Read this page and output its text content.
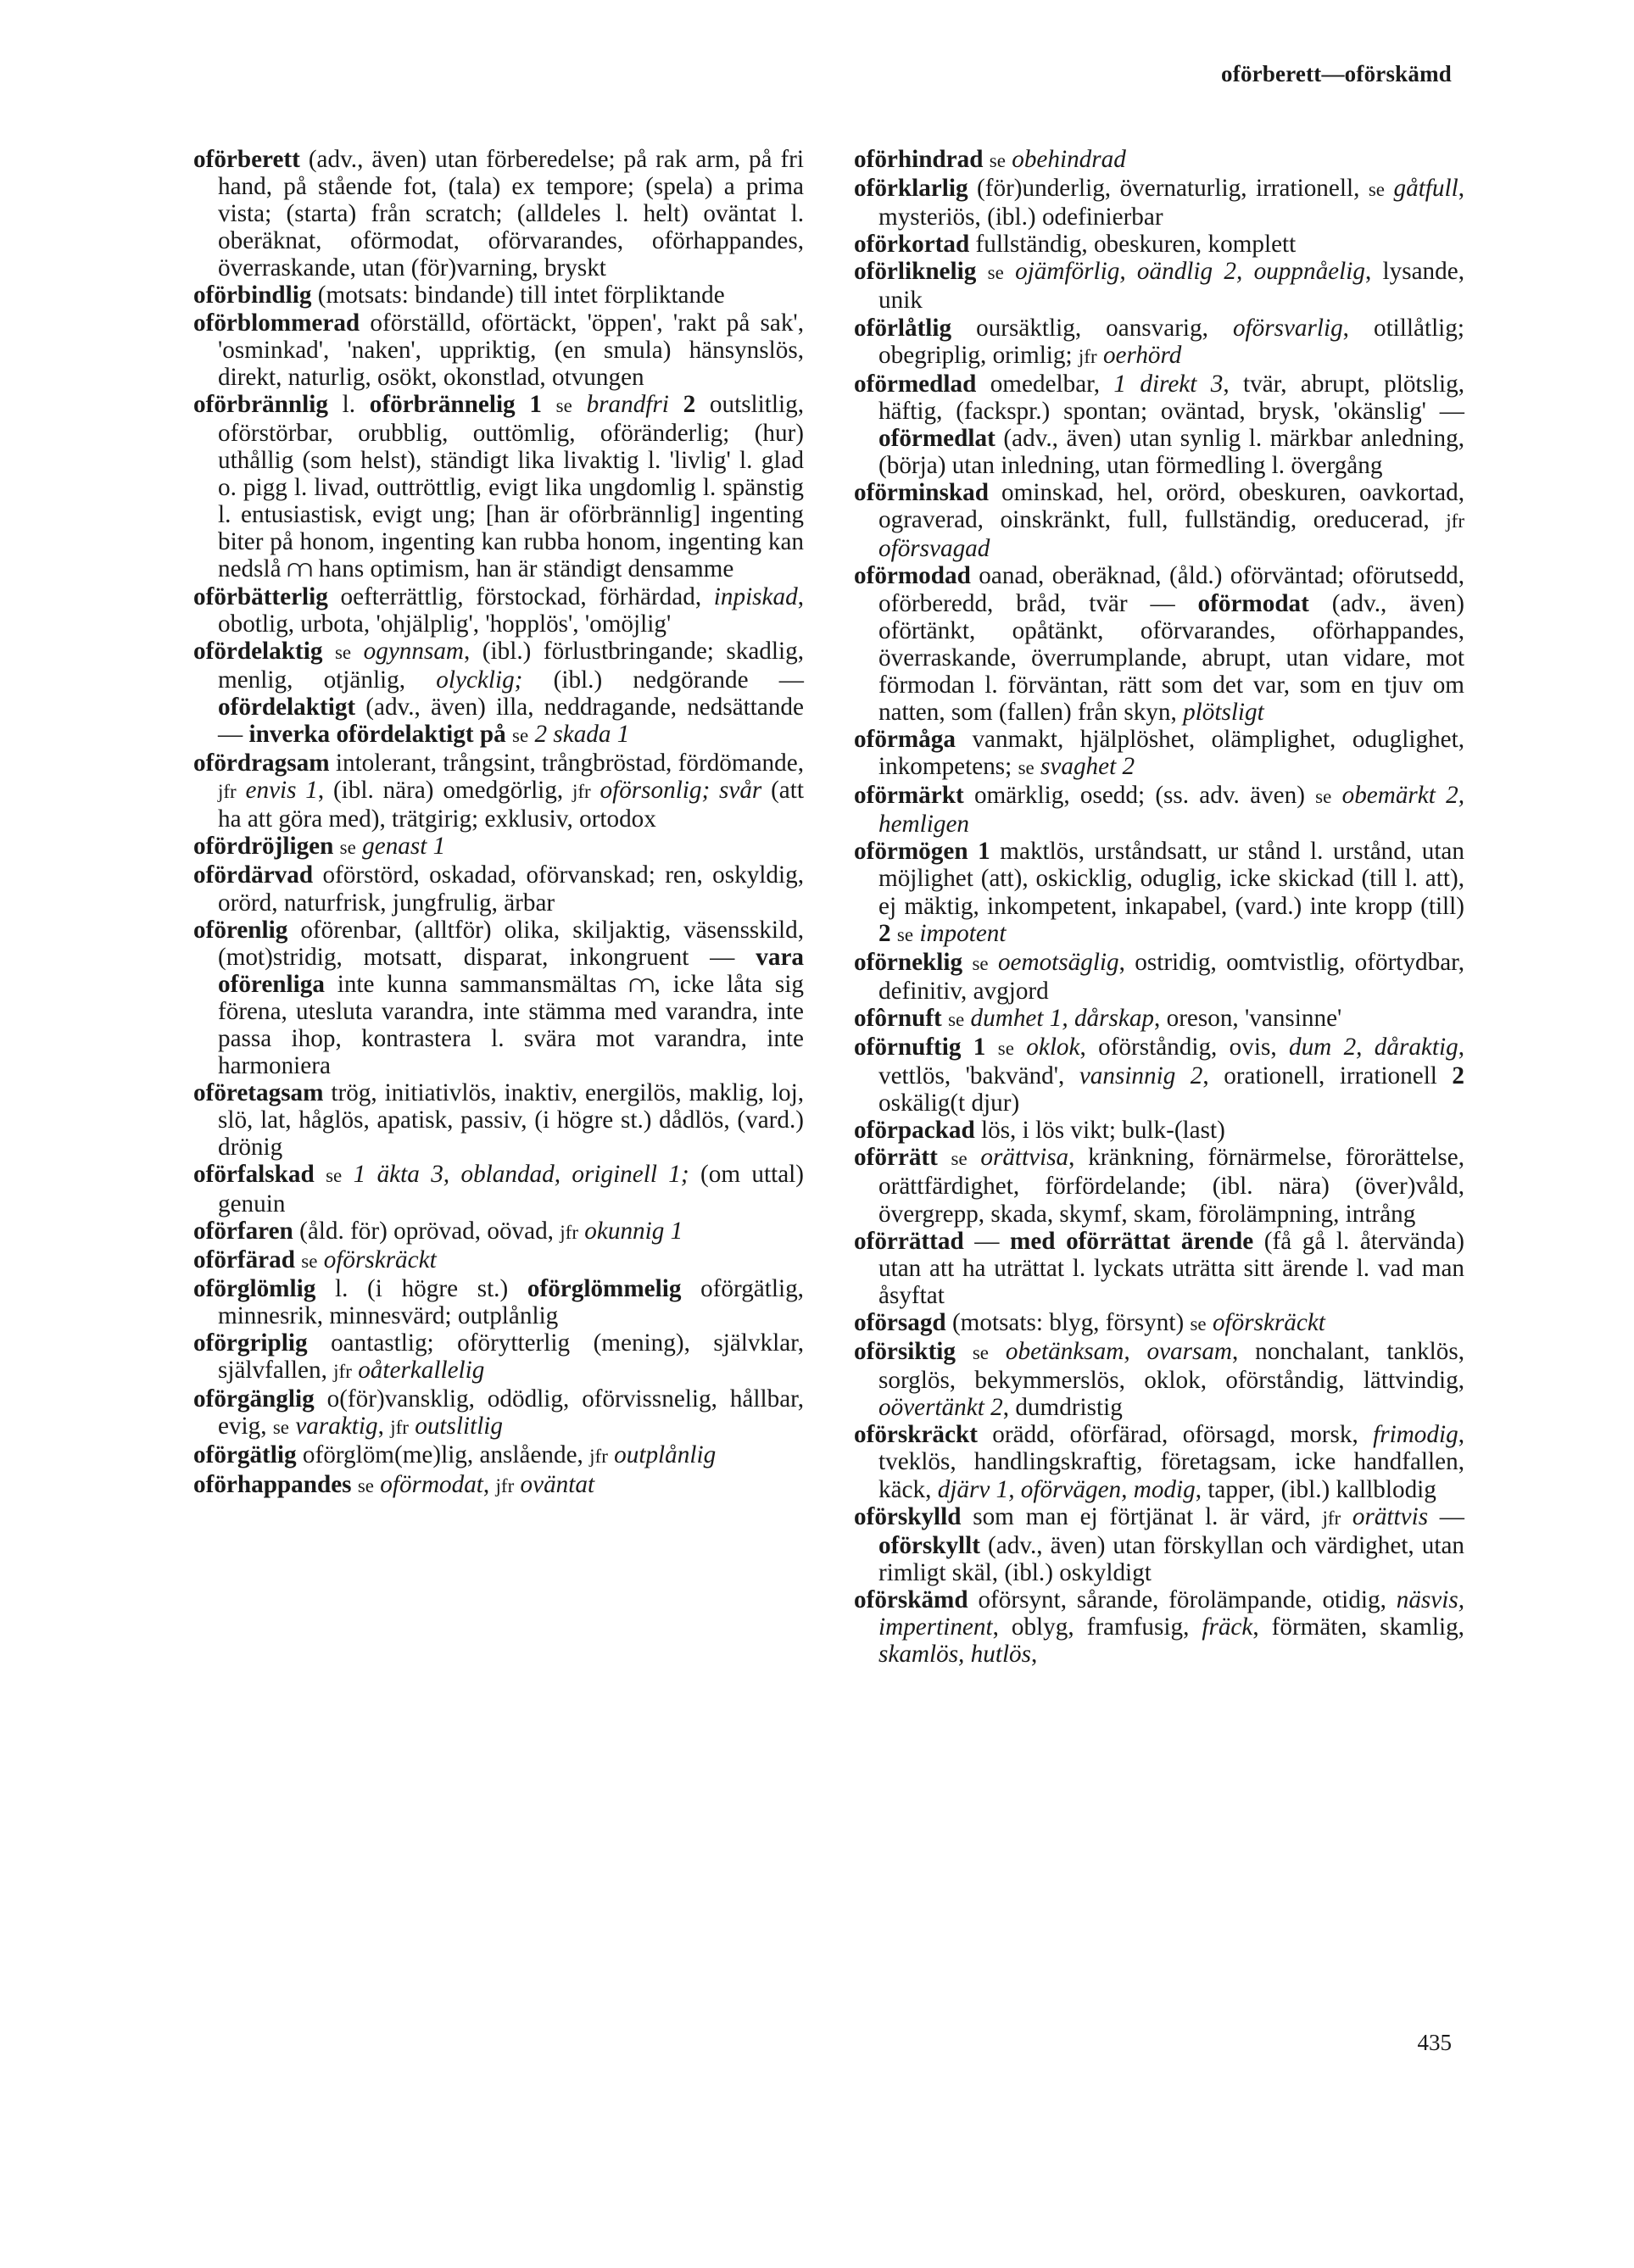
oförberett—oförskämd

oförberett (adv., även) utan förberedelse; på rak arm, på fri hand, på stående fot, (tala) ex tempore; (spela) a prima vista; (starta) från scratch; (alldeles l. helt) oväntat l. oberäknat, oförmodat, oförvarandes, oförhappandes, överraskande, utan (för)varning, bryskt

oförbindlig (motsats: bindande) till intet förpliktande

oförblommerad oförställd, oförtäckt, 'öppen', 'rakt på sak', 'osminkad', 'naken', uppriktig, (en smula) hänsynslös, direkt, naturlig, osökt, okonstlad, otvungen

oförbrännlig l. oförbrännelig 1 se brandfri 2 outslitlig, oförstörbar, orubblig, outtömlig, oföränderlig; (hur) uthållig (som helst), ständigt lika livaktig l. 'livlig' l. glad o. pigg l. livad, outtröttlig, evigt lika ungdomlig l. spänstig l. entusiastisk, evigt ung; [han är oförbrännlig] ingenting biter på honom, ingenting kan rubba honom, ingenting kan nedslå ⩋ hans optimism, han är ständigt densamme

oförbätterlig oefterrättlig, förstockad, förhärdad, inpiskad, obotlig, urbota, 'ohjälplig', 'hopplös', 'omöjlig'

ofördelaktig se ogynnsam, (ibl.) förlustbringande; skadlig, menlig, otjänlig, olycklig; (ibl.) nedgörande — ofördelaktigt (adv., även) illa, neddragande, nedsättande — inverka ofördelaktigt på se 2 skada 1

ofördragsam intolerant, trångsint, trångbröstad, fördömande, jfr envis 1, (ibl. nära) omedgörlig, jfr oförsonlig; svår (att ha att göra med), trätgirig; exklusiv, ortodox

ofördröjligen se genast 1

ofördärvad oförstörd, oskadad, oförvanskad; ren, oskyldig, orörd, naturfrisk, jungfrulig, ärbar

oförenlig oförenbar, (alltför) olika, skiljaktig, väsensskild, (mot)stridig, motsatt, disparat, inkongruent — vara oförenliga inte kunna sammansmältas ⩋, icke låta sig förena, utesluta varandra, inte stämma med varandra, inte passa ihop, kontrastera l. svära mot varandra, inte harmoniera

oföretagsam trög, initiativlös, inaktiv, energilös, maklig, loj, slö, lat, håglös, apatisk, passiv, (i högre st.) dådlös, (vard.) drönig

oförfalskad se 1 äkta 3, oblandad, originell 1; (om uttal) genuin

oförfaren (åld. för) oprövad, oövad, jfr okunnig 1

oförfärad se oförskräckt

oförglömlig l. (i högre st.) oförglömmelig oförgätlig, minnesrik, minnesvärd; outplånlig

oförgriplig oantastlig; oförytterlig (mening), självklar, självfallen, jfr oåterkallelig

oförgänglig o(för)vansklig, odödlig, oförvissnelig, hållbar, evig, se varaktig, jfr outslitlig

oförgätlig oförglöm(me)lig, anslående, jfr outplånlig

oförhappandes se oförmodat, jfr oväntat

oförhindrad se obehindrad

oförklarlig (för)underlig, övernaturlig, irrationell, se gåtfull, mysteriös, (ibl.) odefinierbar

oförkortad fullständig, obeskuren, komplett

oförliknelig se ojämförlig, oändlig 2, ouppnåelig, lysande, unik

oförlåtlig oursäktlig, oansvarig, oförsvarlig, otillåtlig; obegriplig, orimlig; jfr oerhörd

oförmedlad omedelbar, 1 direkt 3, tvär, abrupt, plötslig, häftig, (fackspr.) spontan; oväntad, brysk, 'okänslig' — oförmedlat (adv., även) utan synlig l. märkbar anledning, (börja) utan inledning, utan förmedling l. övergång

oförminskad ominskad, hel, orörd, obeskuren, oavkortad, ograverad, oinskränkt, full, fullständig, oreducerad, jfr oförsvagad

oförmodad oanad, oberäknad, (åld.) oförväntad; oförutsedd, oförberedd, bråd, tvär — oförmodat (adv., även) oförtänkt, opåtänkt, oförvarandes, oförhappandes, överraskande, överrumplande, abrupt, utan vidare, mot förmodan l. förväntan, rätt som det var, som en tjuv om natten, som (fallen) från skyn, plötsligt

oförmåga vanmakt, hjälplöshet, olämplighet, oduglighet, inkompetens; se svaghet 2

oförmärkt omärklig, osedd; (ss. adv. även) se obemärkt 2, hemligen

oförmögen 1 maktlös, urståndsatt, ur stånd l. urstånd, utan möjlighet (att), oskicklig, oduglig, icke skickad (till l. att), ej mäktig, inkompetent, inkapabel, (vard.) inte kropp (till) 2 se impotent

oförneklig se oemotsäglig, ostridig, oomtvistlig, oförtydbar, definitiv, avgjord

ofôrnuft se dumhet 1, dårskap, oreson, 'vansinne'

oförnuftig 1 se oklok, oförståndig, ovis, dum 2, dåraktig, vettlös, 'bakvänd', vansinnig 2, orationell, irrationell 2 oskälig(t djur)

oförpackad lös, i lös vikt; bulk-(last)

oförrätt se orättvisa, kränkning, förnärmelse, förorättelse, orättfärdighet, förfördelande; (ibl. nära) (över)våld, övergrepp, skada, skymf, skam, förolämpning, intrång

oförrättad — med oförrättat ärende (få gå l. återvända) utan att ha uträttat l. lyckats uträtta sitt ärende l. vad man åsyftat

oförsagd (motsats: blyg, försynt) se oförskräckt

oförsiktig se obetänksam, ovarsam, nonchalant, tanklös, sorglös, bekymmerslös, oklok, oförståndig, lättvindig, oövertänkt 2, dumdristig

oförskräckt orädd, oförfärad, oförsagd, morsk, frimodig, tveklös, handlingskraftig, företagsam, icke handfallen, käck, djärv 1, oförvägen, modig, tapper, (ibl.) kallblodig

oförskylld som man ej förtjänat l. är värd, jfr orättvis — oförskyllt (adv., även) utan förskyllan och värdighet, utan rimligt skäl, (ibl.) oskyldigt

oförskämd oförsynt, sårande, förolämpande, otidig, näsvis, impertinent, oblyg, framfusig, fräck, förmäten, skamlig, skamlös, hutlös,

435
